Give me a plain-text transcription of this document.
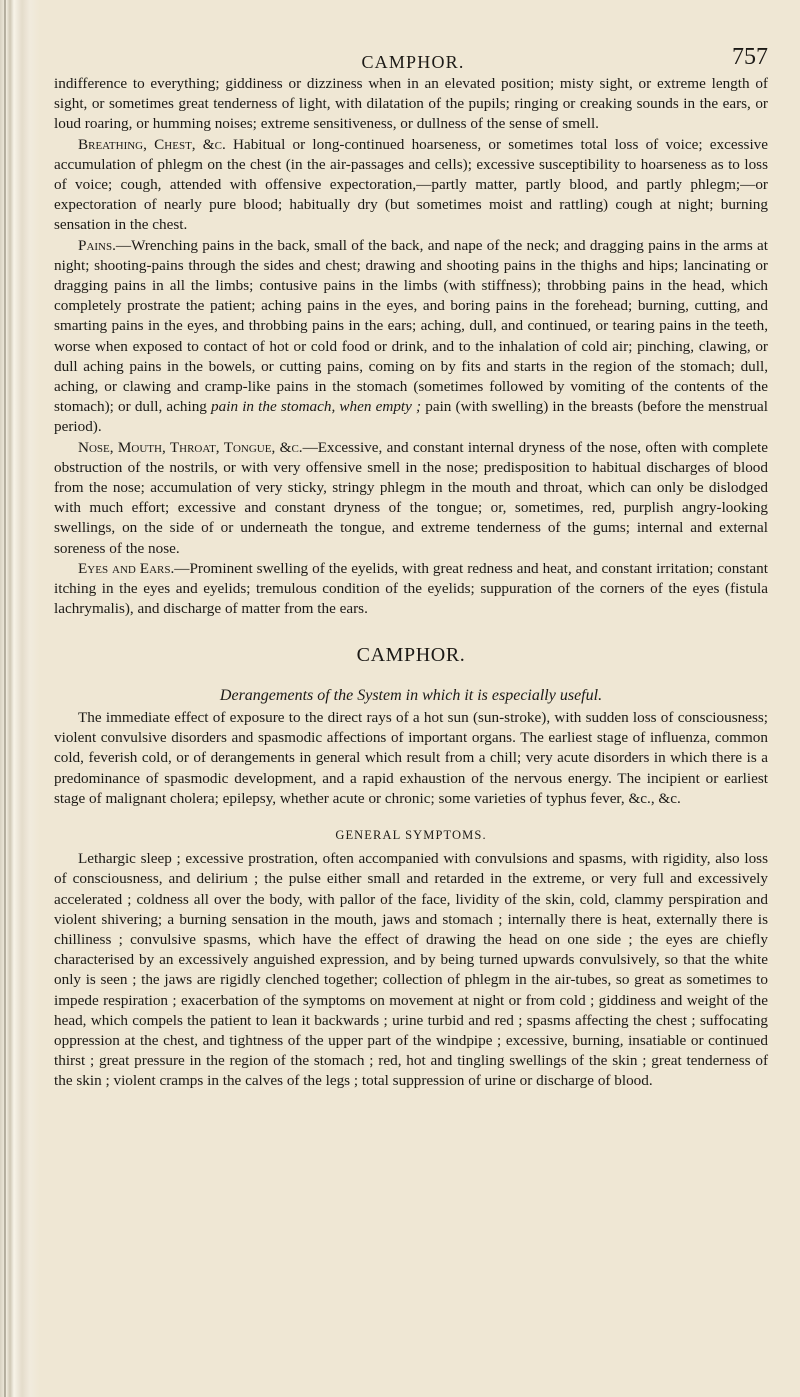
CAMPHOR.	757

indifference to everything; giddiness or dizziness when in an elevated position; misty sight, or extreme length of sight, or sometimes great tenderness of light, with dilatation of the pupils; ringing or creaking sounds in the ears, or loud roaring, or humming noises; extreme sensitiveness, or dullness of the sense of smell.

Breathing, Chest, &c. Habitual or long-continued hoarseness, or sometimes total loss of voice; excessive accumulation of phlegm on the chest (in the air-passages and cells); excessive susceptibility to hoarseness as to loss of voice; cough, attended with offensive expectoration,—partly matter, partly blood, and partly phlegm;—or expectoration of nearly pure blood; habitually dry (but sometimes moist and rattling) cough at night; burning sensation in the chest.

Pains.—Wrenching pains in the back, small of the back, and nape of the neck; and dragging pains in the arms at night; shooting-pains through the sides and chest; drawing and shooting pains in the thighs and hips; lancinating or dragging pains in all the limbs; contusive pains in the limbs (with stiffness); throbbing pains in the head, which completely prostrate the patient; aching pains in the eyes, and boring pains in the forehead; burning, cutting, and smarting pains in the eyes, and throbbing pains in the ears; aching, dull, and continued, or tearing pains in the teeth, worse when exposed to contact of hot or cold food or drink, and to the inhalation of cold air; pinching, clawing, or dull aching pains in the bowels, or cutting pains, coming on by fits and starts in the region of the stomach; dull, aching, or clawing and cramp-like pains in the stomach (sometimes followed by vomiting of the contents of the stomach); or dull, aching pain in the stomach, when empty ; pain (with swelling) in the breasts (before the menstrual period).

Nose, Mouth, Throat, Tongue, &c.—Excessive, and constant internal dryness of the nose, often with complete obstruction of the nostrils, or with very offensive smell in the nose; predisposition to habitual discharges of blood from the nose; accumulation of very sticky, stringy phlegm in the mouth and throat, which can only be dislodged with much effort; excessive and constant dryness of the tongue; or, sometimes, red, purplish angry-looking swellings, on the side of or underneath the tongue, and extreme tenderness of the gums; internal and external soreness of the nose.

Eyes and Ears.—Prominent swelling of the eyelids, with great redness and heat, and constant irritation; constant itching in the eyes and eyelids; tremulous condition of the eyelids; suppuration of the corners of the eyes (fistula lachrymalis), and discharge of matter from the ears.

CAMPHOR.
Derangements of the System in which it is especially useful.

The immediate effect of exposure to the direct rays of a hot sun (sun-stroke), with sudden loss of consciousness; violent convulsive disorders and spasmodic affections of important organs. The earliest stage of influenza, common cold, feverish cold, or of derangements in general which result from a chill; very acute disorders in which there is a predominance of spasmodic development, and a rapid exhaustion of the nervous energy. The incipient or earliest stage of malignant cholera; epilepsy, whether acute or chronic; some varieties of typhus fever, &c., &c.

GENERAL SYMPTOMS.

Lethargic sleep ; excessive prostration, often accompanied with convulsions and spasms, with rigidity, also loss of consciousness, and delirium ; the pulse either small and retarded in the extreme, or very full and excessively accelerated ; coldness all over the body, with pallor of the face, lividity of the skin, cold, clammy perspiration and violent shivering; a burning sensation in the mouth, jaws and stomach ; internally there is heat, externally there is chilliness ; convulsive spasms, which have the effect of drawing the head on one side ; the eyes are chiefly characterised by an excessively anguished expression, and by being turned upwards convulsively, so that the white only is seen ; the jaws are rigidly clenched together; collection of phlegm in the air-tubes, so great as sometimes to impede respiration ; exacerbation of the symptoms on movement at night or from cold ; giddiness and weight of the head, which compels the patient to lean it backwards ; urine turbid and red ; spasms affecting the chest ; suffocating oppression at the chest, and tightness of the upper part of the windpipe ; excessive, burning, insatiable or continued thirst ; great pressure in the region of the stomach ; red, hot and tingling swellings of the skin ; great tenderness of the skin ; violent cramps in the calves of the legs ; total suppression of urine or discharge of blood.
